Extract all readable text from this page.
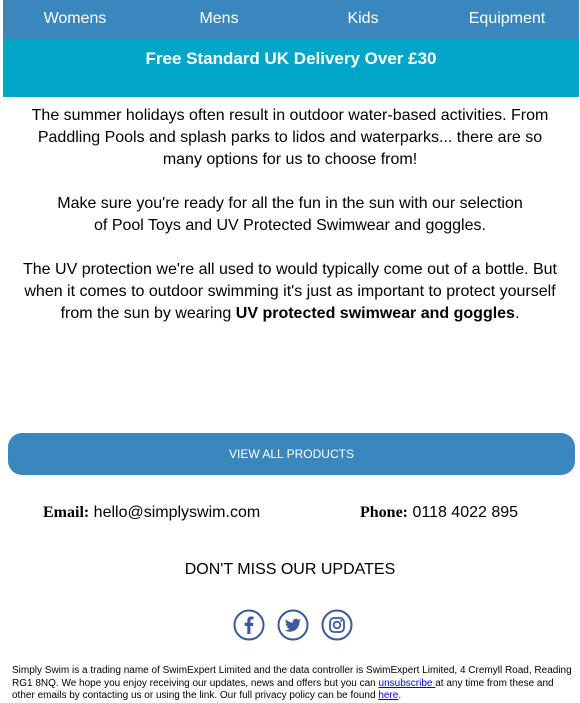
Womens	Mens	Kids	Equipment
Free Standard UK Delivery Over £30

The summer holidays often result in outdoor water-based activities. From Paddling Pools and splash parks to lidos and waterparks... there are so many options for us to choose from!

Make sure you're ready for all the fun in the sun with our selection of Pool Toys and UV Protected Swimwear and goggles.

The UV protection we're all used to would typically come out of a bottle. But when it comes to outdoor swimming it's just as important to protect yourself from the sun by wearing UV protected swimwear and goggles.

VIEW ALL PRODUCTS
Email: hello@simplyswim.com	Phone: 0118 4022 895
DON'T MISS OUR UPDATES
Simply Swim is a trading name of SwimExpert Limited and the data controller is SwimExpert Limited, 4 Cremyll Road, Reading RG1 8NQ. We hope you enjoy receiving our updates, news and offers but you can unsubscribe at any time from these and other emails by contacting us or using the link. Our full privacy policy can be found here.
